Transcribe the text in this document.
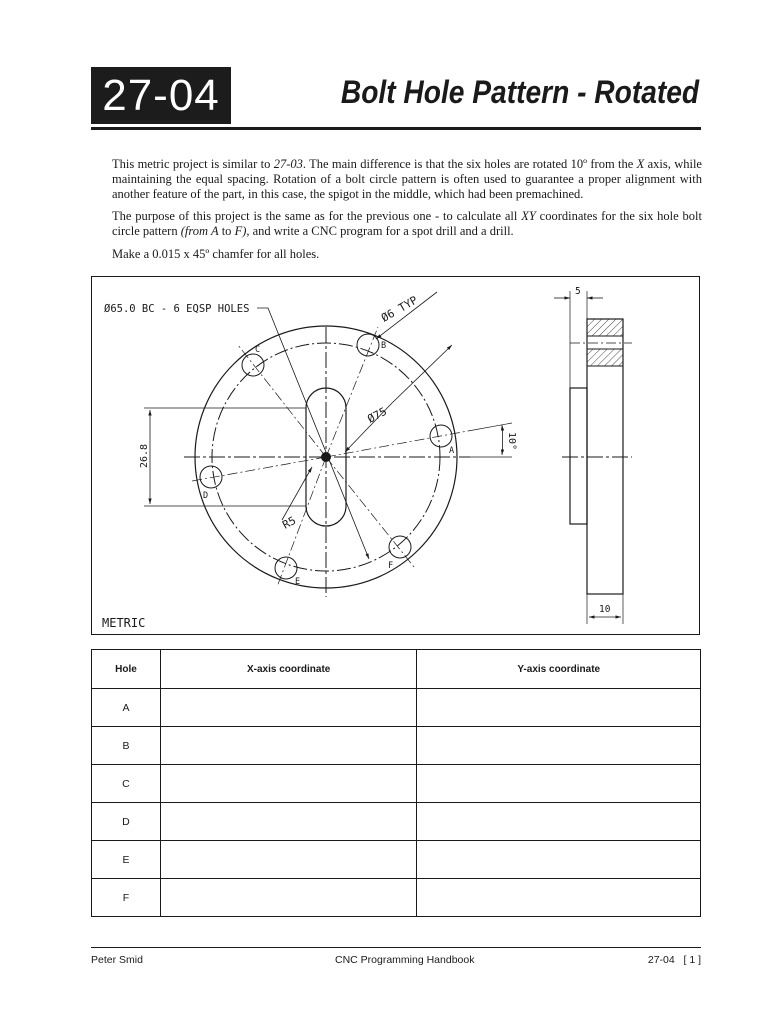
27-04	Bolt Hole Pattern - Rotated

This metric project is similar to 27-03. The main difference is that the six holes are rotated 10º from the X axis, while maintaining the equal spacing. Rotation of a bolt circle pattern is often used to guarantee a proper alignment with another feature of the part, in this case, the spigot in the middle, which had been premachined.

The purpose of this project is the same as for the previous one - to calculate all XY coordinates for the six hole bolt circle pattern (from A to F), and write a CNC program for a spot drill and a drill.

Make a 0.015 x 45º chamfer for all holes.

Ø65.0 BC - 6 EQSP HOLES	Ø6 TYP
Ø75
R5
26.8
10°
A
B
C
D
E
F
5
10
METRIC
Hole	X-axis coordinate	Y-axis coordinate
A		
B		
C		
D		
E		
F		
Peter Smid	CNC Programming Handbook	27-04   [ 1 ]
